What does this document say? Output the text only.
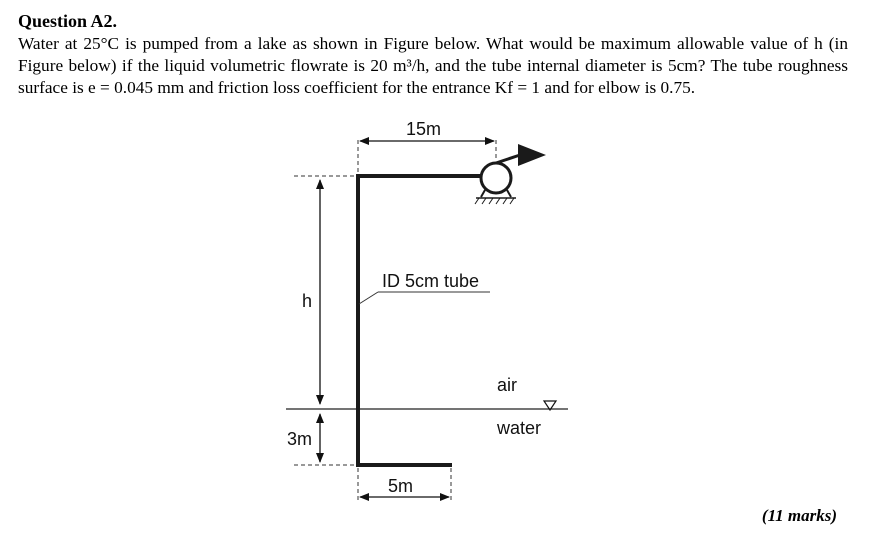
Question A2.

Water at 25°C is pumped from a lake as shown in Figure below. What would be maximum allowable value of h (in Figure below) if the liquid volumetric flowrate is 20 m³/h, and the tube internal diameter is 5cm? The tube roughness surface is e = 0.045 mm and friction loss coefficient for the entrance Kf = 1 and for elbow is 0.75.

15m
h
3m
5m
air
water
ID 5cm tube
(11 marks)
